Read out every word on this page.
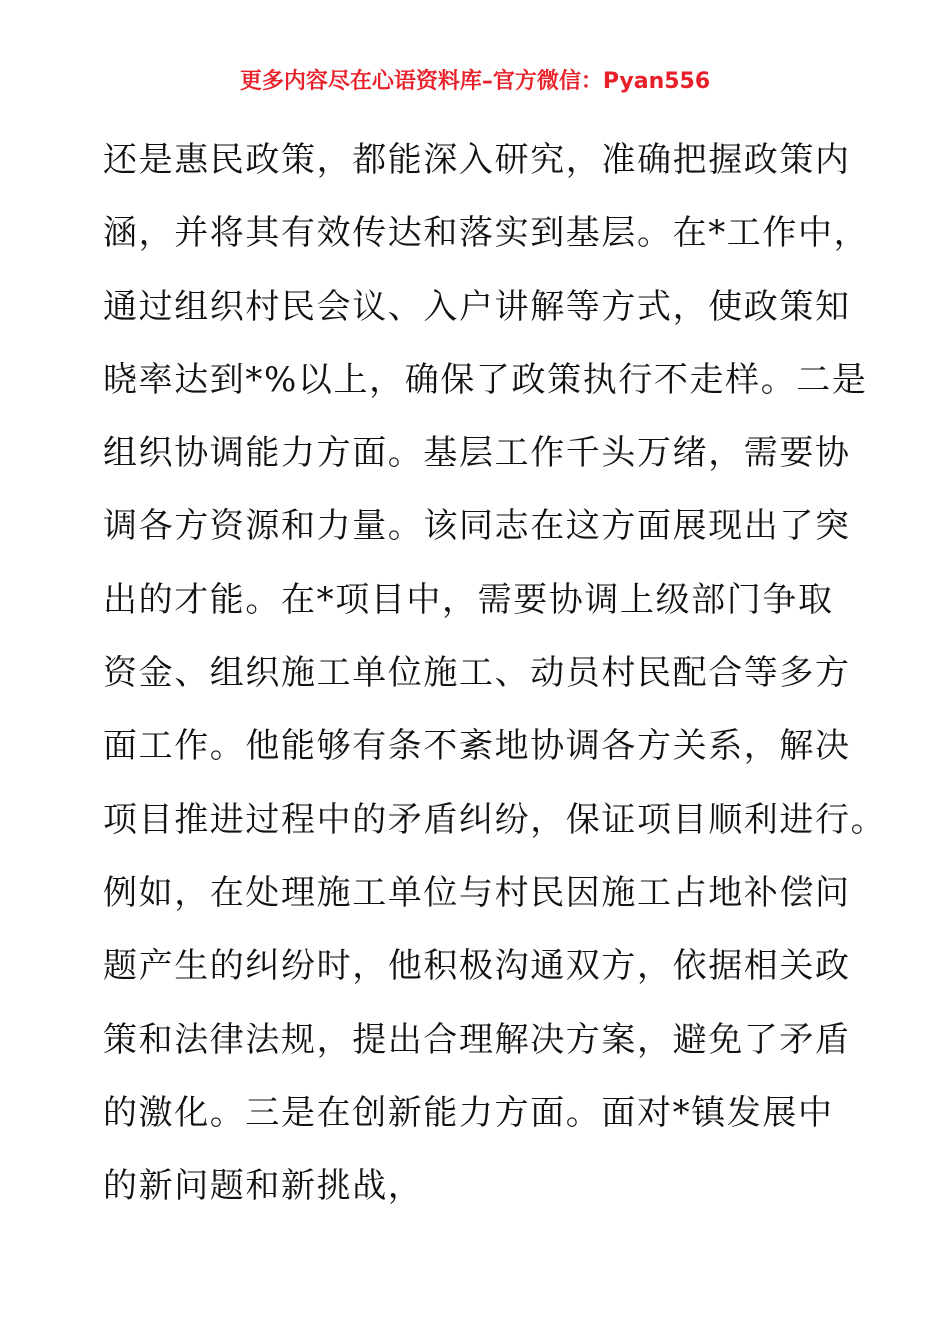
更多内容尽在心语资料库–官方微信：Pyan556
还是惠民政策，都能深入研究，准确把握政策内
涵，并将其有效传达和落实到基层。在*工作中，
通过组织村民会议、入户讲解等方式，使政策知
晓率达到*%以上，确保了政策执行不走样。二是
组织协调能力方面。基层工作千头万绪，需要协
调各方资源和力量。该同志在这方面展现出了突
出的才能。在*项目中，需要协调上级部门争取
资金、组织施工单位施工、动员村民配合等多方
面工作。他能够有条不紊地协调各方关系，解决
项目推进过程中的矛盾纠纷，保证项目顺利进行。
例如，在处理施工单位与村民因施工占地补偿问
题产生的纠纷时，他积极沟通双方，依据相关政
策和法律法规，提出合理解决方案，避免了矛盾
的激化。三是在创新能力方面。面对*镇发展中
的新问题和新挑战，
